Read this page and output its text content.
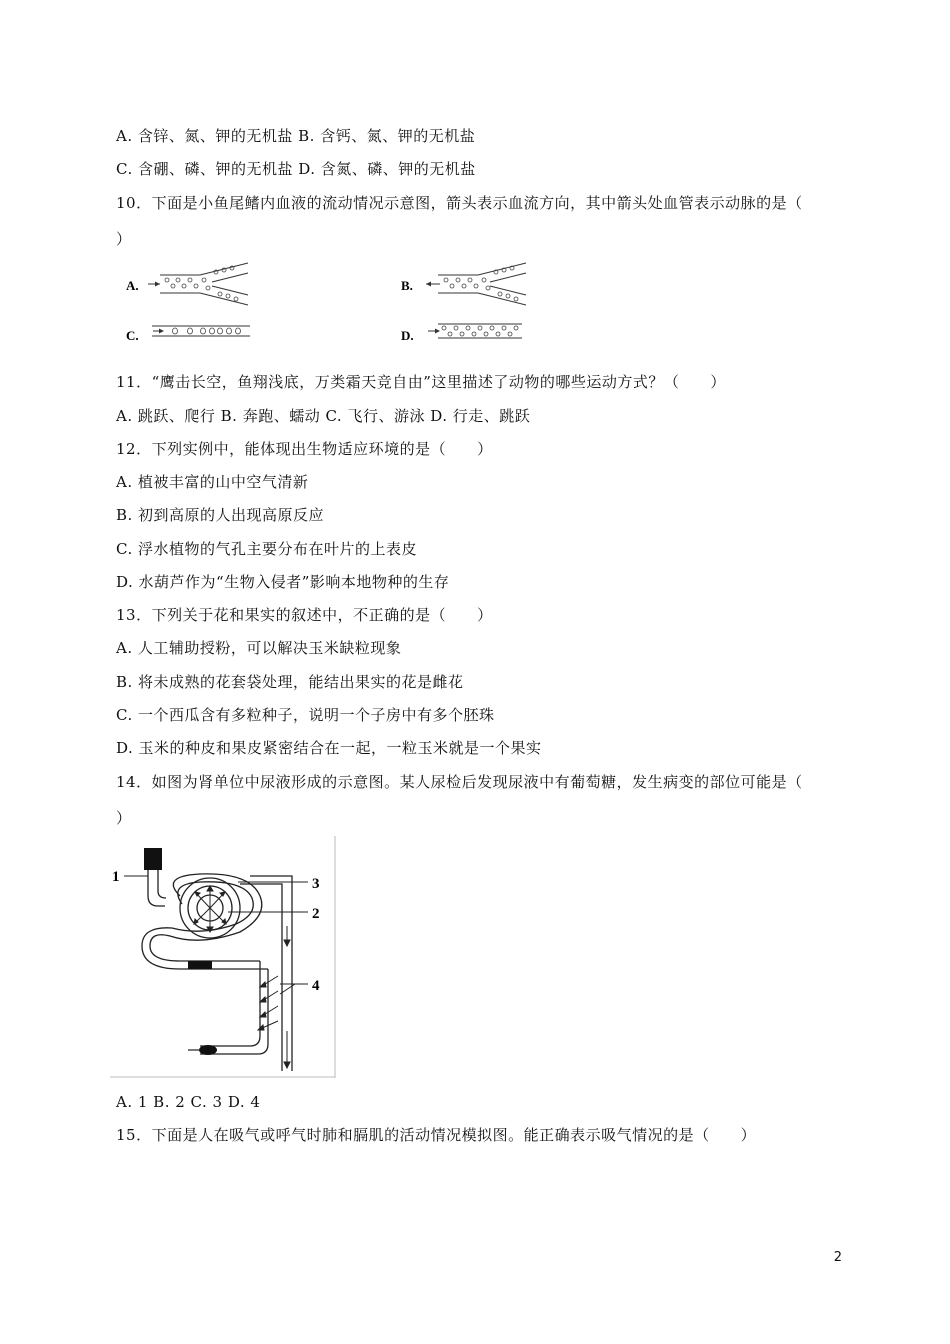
A. 含锌、氮、钾的无机盐 B. 含钙、氮、钾的无机盐
C. 含硼、磷、钾的无机盐 D. 含氮、磷、钾的无机盐
10．下面是小鱼尾鳍内血液的流动情况示意图，箭头表示血流方向，其中箭头处血管表示动脉的是（
）
A.	B.
C.	D.
11．“鹰击长空，鱼翔浅底，万类霜天竞自由”这里描述了动物的哪些运动方式？（　　）
A. 跳跃、爬行 B. 奔跑、蠕动 C. 飞行、游泳 D. 行走、跳跃
12．下列实例中，能体现出生物适应环境的是（　　）
A. 植被丰富的山中空气清新
B. 初到高原的人出现高原反应
C. 浮水植物的气孔主要分布在叶片的上表皮
D. 水葫芦作为“生物入侵者”影响本地物种的生存
13．下列关于花和果实的叙述中，不正确的是（　　）
A. 人工辅助授粉，可以解决玉米缺粒现象
B. 将未成熟的花套袋处理，能结出果实的花是雌花
C. 一个西瓜含有多粒种子，说明一个子房中有多个胚珠
D. 玉米的种皮和果皮紧密结合在一起，一粒玉米就是一个果实
14．如图为肾单位中尿液形成的示意图。某人尿检后发现尿液中有葡萄糖，发生病变的部位可能是（
）
1
2
3
4
A. 1 B. 2 C. 3 D. 4
15．下面是人在吸气或呼气时肺和膈肌的活动情况模拟图。能正确表示吸气情况的是（　　）
2
